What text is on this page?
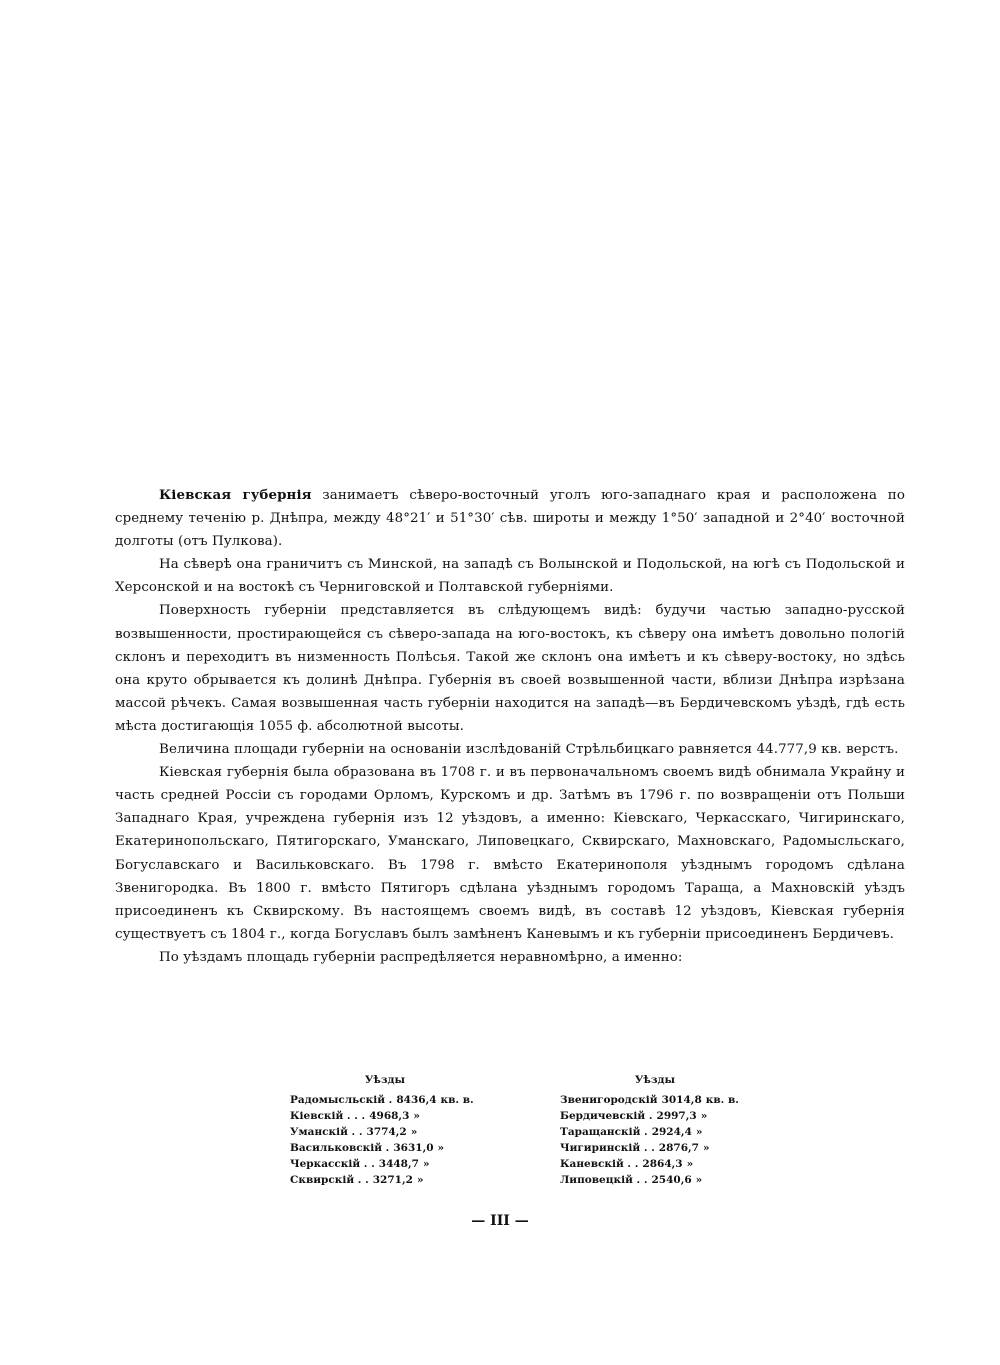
Кіевская губернія занимаетъ сѣверо-восточный уголъ юго-западнаго края и расположена по среднему теченію р. Днѣпра, между 48°21′ и 51°30′ сѣв. широты и между 1°50′ западной и 2°40′ восточной долготы (отъ Пулкова).

На сѣверѣ она граничитъ съ Минской, на западѣ съ Волынской и Подольской, на югѣ съ Подольской и Херсонской и на востокѣ съ Черниговской и Полтавской губерніями.

Поверхность губерніи представляется въ слѣдующемъ видѣ: будучи частью западно-русской возвышенности, простирающейся съ сѣверо-запада на юго-востокъ, къ сѣверу она имѣетъ довольно пологій склонъ и переходитъ въ низменность Полѣсья. Такой же склонъ она имѣетъ и къ сѣверу-востоку, но здѣсь она круто обрывается къ долинѣ Днѣпра. Губернія въ своей возвышенной части, вблизи Днѣпра изрѣзана массой рѣчекъ. Самая возвышенная часть губерніи находится на западѣ—въ Бердичевскомъ уѣздѣ, гдѣ есть мѣста достигающія 1055 ф. абсолютной высоты.

Величина площади губерніи на основаніи изслѣдованій Стрѣльбицкаго равняется 44.777,9 кв. верстъ.

Кіевская губернія была образована въ 1708 г. и въ первоначальномъ своемъ видѣ обнимала Украйну и часть средней Россіи съ городами Орломъ, Курскомъ и др. Затѣмъ въ 1796 г. по возвращеніи отъ Польши Западнаго Края, учреждена губернія изъ 12 уѣздовъ, а именно: Кіевскаго, Черкасскаго, Чигиринскаго, Екатеринопольскаго, Пятигорскаго, Уманскаго, Липовецкаго, Сквирскаго, Махновскаго, Радомысльскаго, Богуславскаго и Васильковскаго. Въ 1798 г. вмѣсто Екатеринополя уѣзднымъ городомъ сдѣлана Звенигородка. Въ 1800 г. вмѣсто Пятигоръ сдѣлана уѣзднымъ городомъ Таращa, а Махновскій уѣздъ присоединенъ къ Сквирскому. Въ настоящемъ своемъ видѣ, въ составѣ 12 уѣздовъ, Кіевская губернія существуетъ съ 1804 г., когда Богуславъ былъ замѣненъ Каневымъ и къ губерніи присоединенъ Бердичевъ.

По уѣздамъ площадь губерніи распредѣляется неравномѣрно, а именно:

Уѣзды
Радомысльскій . 8436,4 кв. в.
Кіевскій . . . 4968,3 »
Уманскій . . 3774,2 »
Васильковскій . 3631,0 »
Черкасскій . . 3448,7 »
Сквирскій . . 3271,2 »
Уѣзды
Звенигородскій 3014,8 кв. в.
Бердичевскій . 2997,3 »
Таращанскій . 2924,4 »
Чигиринскій . . 2876,7 »
Каневскій . . 2864,3 »
Липовецкій . . 2540,6 »
— III —
